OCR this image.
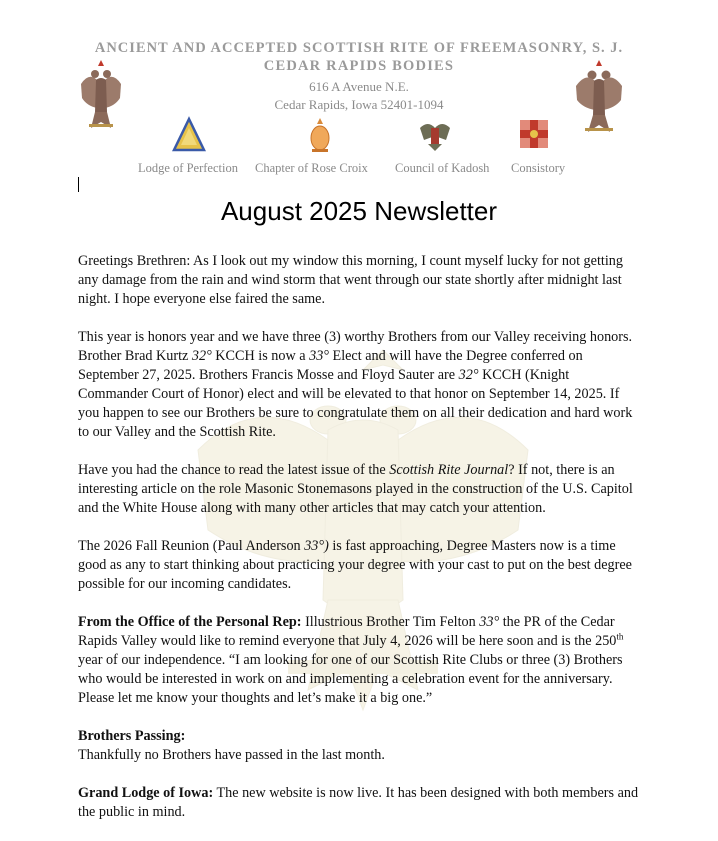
ANCIENT AND ACCEPTED SCOTTISH RITE OF FREEMASONRY, S. J.
CEDAR RAPIDS BODIES
616 A Avenue N.E.
Cedar Rapids, Iowa 52401-1094
Lodge of Perfection Chapter of Rose Croix Council of Kadosh Consistory
August 2025 Newsletter

Greetings Brethren: As I look out my window this morning, I count myself lucky for not getting any damage from the rain and wind storm that went through our state shortly after midnight last night. I hope everyone else faired the same.

This year is honors year and we have three (3) worthy Brothers from our Valley receiving honors. Brother Brad Kurtz 32° KCCH is now a 33° Elect and will have the Degree conferred on September 27, 2025. Brothers Francis Mosse and Floyd Sauter are 32° KCCH (Knight Commander Court of Honor) elect and will be elevated to that honor on September 14, 2025. If you happen to see our Brothers be sure to congratulate them on all their dedication and hard work to our Valley and the Scottish Rite.

Have you had the chance to read the latest issue of the Scottish Rite Journal? If not, there is an interesting article on the role Masonic Stonemasons played in the construction of the U.S. Capitol and the White House along with many other articles that may catch your attention.

The 2026 Fall Reunion (Paul Anderson 33°) is fast approaching, Degree Masters now is a time good as any to start thinking about practicing your degree with your cast to put on the best degree possible for our incoming candidates.

From the Office of the Personal Rep: Illustrious Brother Tim Felton 33° the PR of the Cedar Rapids Valley would like to remind everyone that July 4, 2026 will be here soon and is the 250th year of our independence. “I am looking for one of our Scottish Rite Clubs or three (3) Brothers who would be interested in work on and implementing a celebration event for the anniversary. Please let me know your thoughts and let’s make it a big one.”

Brothers Passing:

Thankfully no Brothers have passed in the last month.

Grand Lodge of Iowa: The new website is now live. It has been designed with both members and the public in mind.
